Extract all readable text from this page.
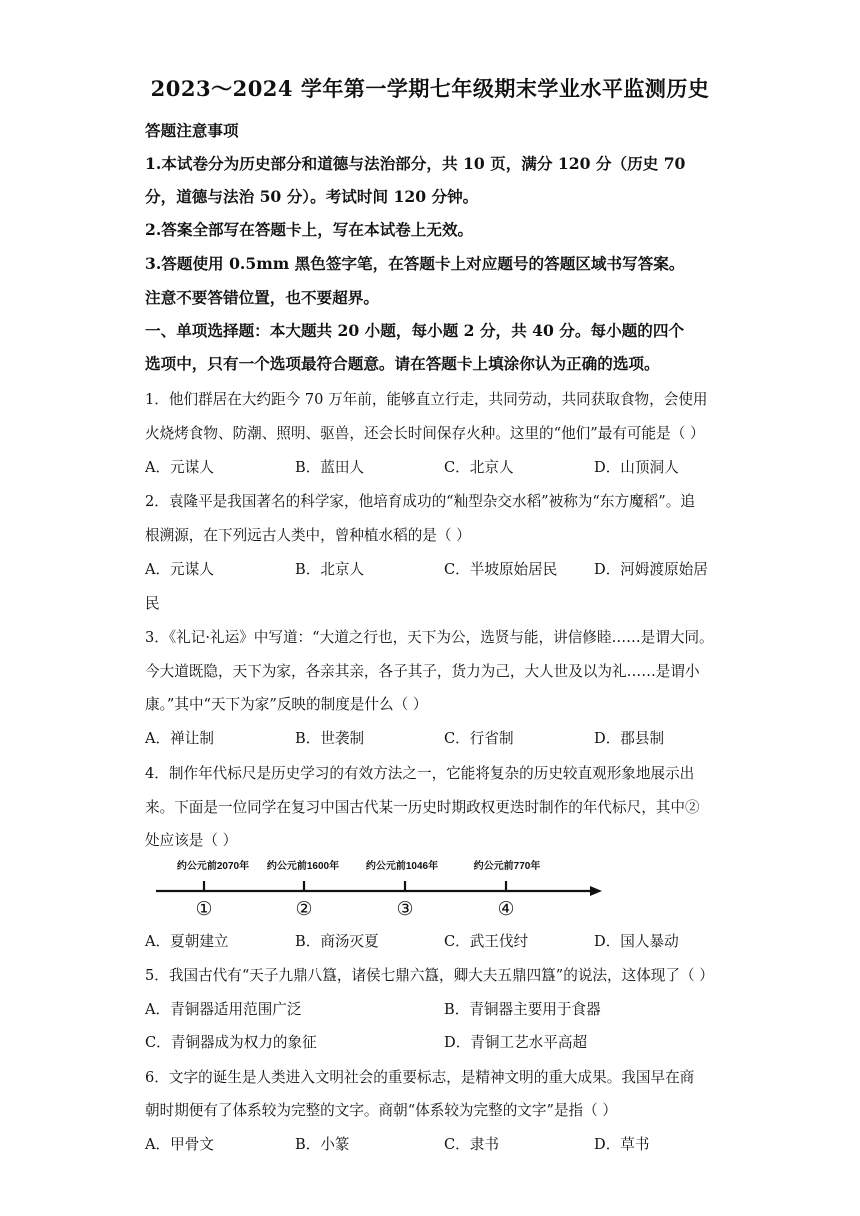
2023～2024 学年第一学期七年级期末学业水平监测历史
答题注意事项
1.本试卷分为历史部分和道德与法治部分，共 10 页，满分 120 分（历史 70
分，道德与法治 50 分）。考试时间 120 分钟。
2.答案全部写在答题卡上，写在本试卷上无效。
3.答题使用 0.5mm 黑色签字笔，在答题卡上对应题号的答题区域书写答案。
注意不要答错位置，也不要超界。
一、单项选择题：本大题共 20 小题，每小题 2 分，共 40 分。每小题的四个
选项中，只有一个选项最符合题意。请在答题卡上填涂你认为正确的选项。
1．他们群居在大约距今 70 万年前，能够直立行走，共同劳动，共同获取食物，会使用
火烧烤食物、防潮、照明、驱兽，还会长时间保存火种。这里的“他们”最有可能是（ ）
A．元谋人	B．蓝田人	C．北京人	D．山顶洞人
2．袁隆平是我国著名的科学家，他培育成功的“籼型杂交水稻”被称为“东方魔稻”。追
根溯源，在下列远古人类中，曾种植水稻的是（ ）
A．元谋人	B．北京人	C．半坡原始居民	D．河姆渡原始居
民
3．《礼记·礼运》中写道：“大道之行也，天下为公，选贤与能，讲信修睦……是谓大同。
今大道既隐，天下为家，各亲其亲，各子其子，货力为己，大人世及以为礼……是谓小
康。”其中“天下为家”反映的制度是什么（ ）
A．禅让制	B．世袭制	C．行省制	D．郡县制
4．制作年代标尺是历史学习的有效方法之一，它能将复杂的历史较直观形象地展示出
来。下面是一位同学在复习中国古代某一历史时期政权更迭时制作的年代标尺，其中②
处应该是（ ）
约公元前2070年 约公元前1600年	约公元前1046年	约公元前770年
①	②	③	④
A．夏朝建立	B．商汤灭夏	C．武王伐纣	D．国人暴动
5．我国古代有“天子九鼎八簋，诸侯七鼎六簋，卿大夫五鼎四簋”的说法，这体现了（ ）
A．青铜器适用范围广泛	B．青铜器主要用于食器
C．青铜器成为权力的象征	D．青铜工艺水平高超
6．文字的诞生是人类进入文明社会的重要标志，是精神文明的重大成果。我国早在商
朝时期便有了体系较为完整的文字。商朝“体系较为完整的文字”是指（ ）
A．甲骨文	B．小篆	C．隶书	D．草书
